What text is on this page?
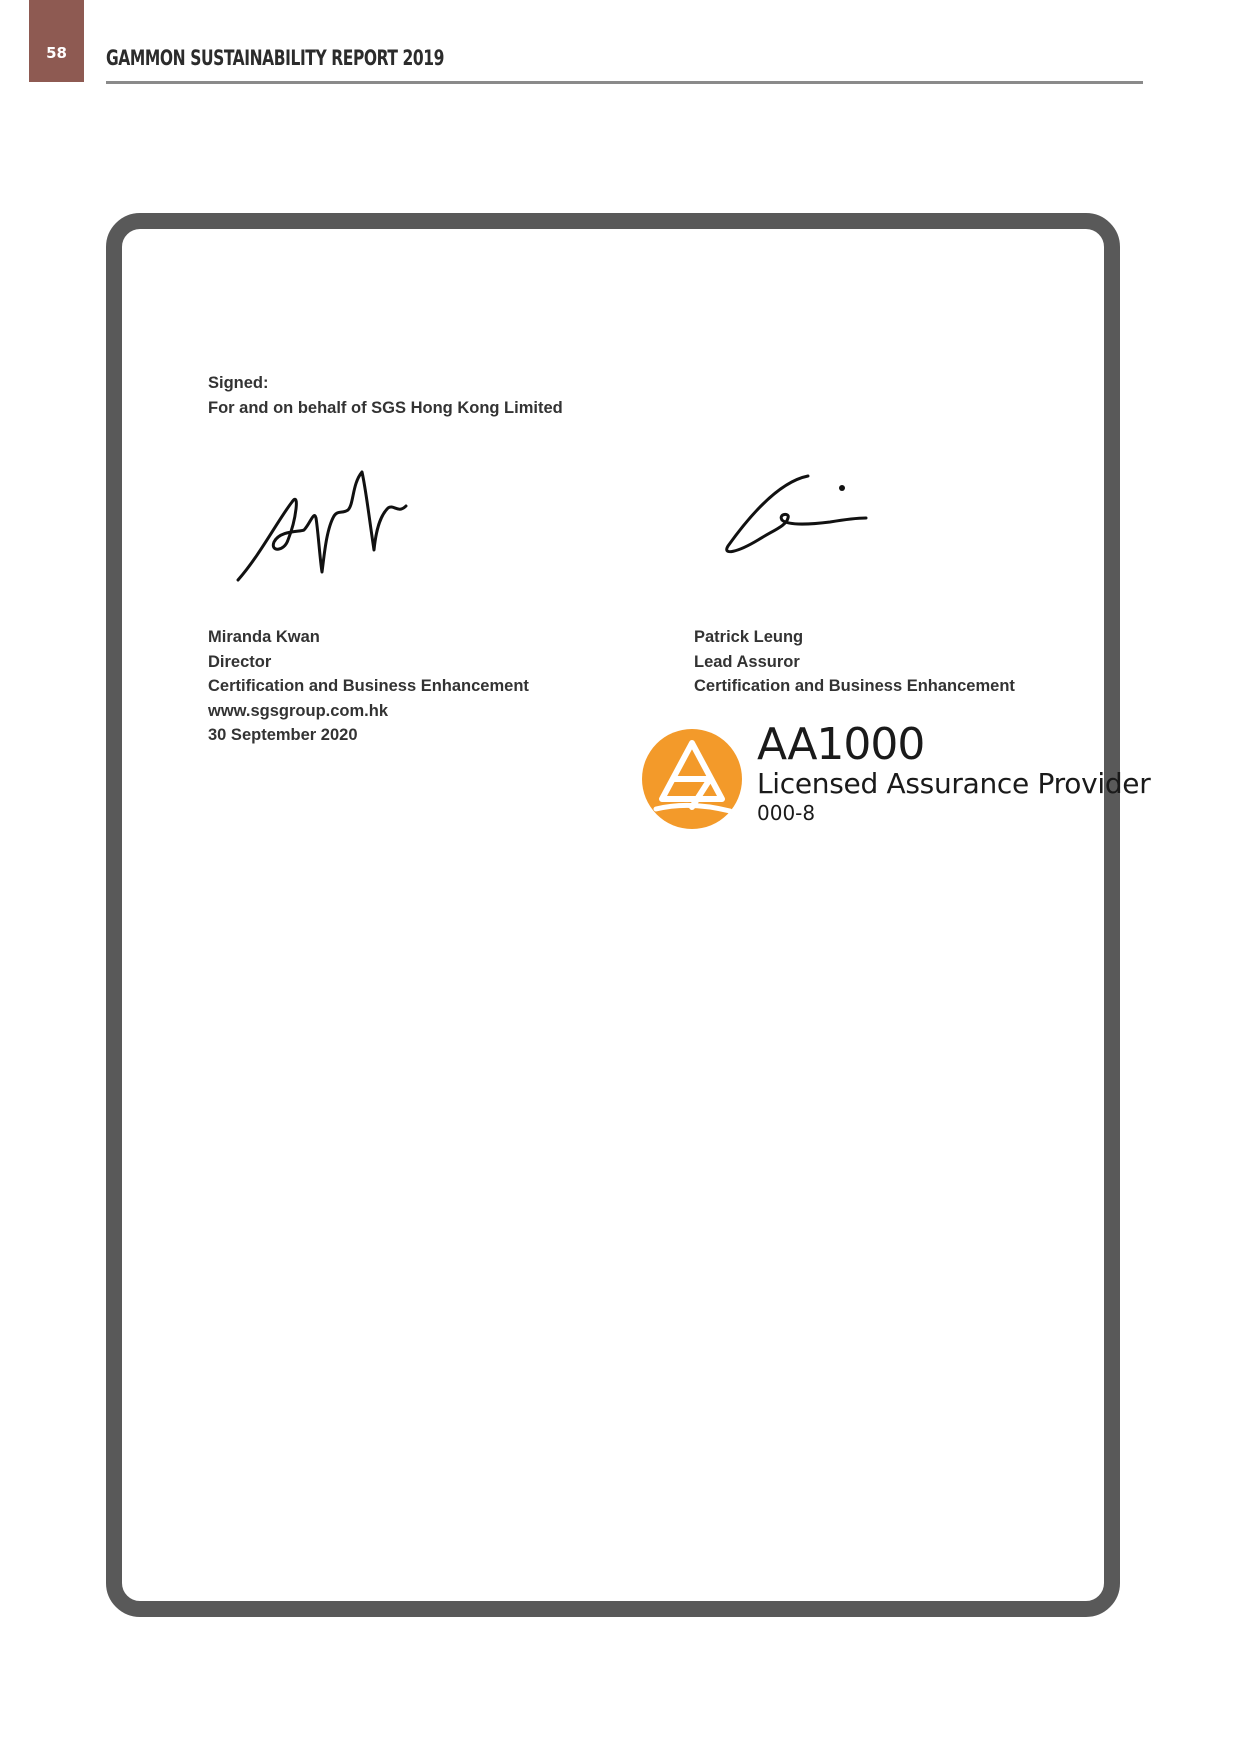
58	GAMMON SUSTAINABILITY REPORT 2019
Signed:
For and on behalf of SGS Hong Kong Limited
Miranda Kwan
Director
Certification and Business Enhancement
www.sgsgroup.com.hk
30 September 2020
Patrick Leung
Lead Assuror
Certification and Business Enhancement
AA1000
Licensed Assurance Provider
000-8
